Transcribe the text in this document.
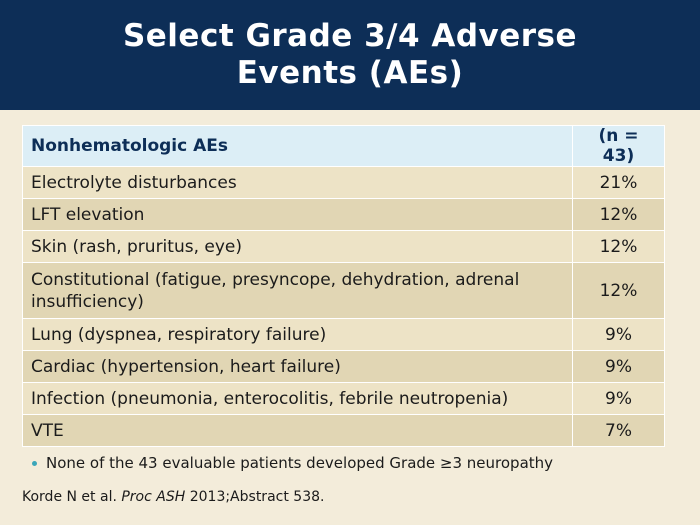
Select Grade 3/4 Adverse
Events (AEs)
Nonhematologic AEs	(n = 43)
Electrolyte disturbances	21%
LFT elevation	12%
Skin (rash, pruritus, eye)	12%
Constitutional (fatigue, presyncope, dehydration, adrenal insufficiency)	12%
Lung (dyspnea, respiratory failure)	9%
Cardiac (hypertension, heart failure)	9%
Infection (pneumonia, enterocolitis, febrile neutropenia)	9%
VTE	7%
None of the 43 evaluable patients developed Grade ≥3 neuropathy
Korde N et al. Proc ASH 2013;Abstract 538.
